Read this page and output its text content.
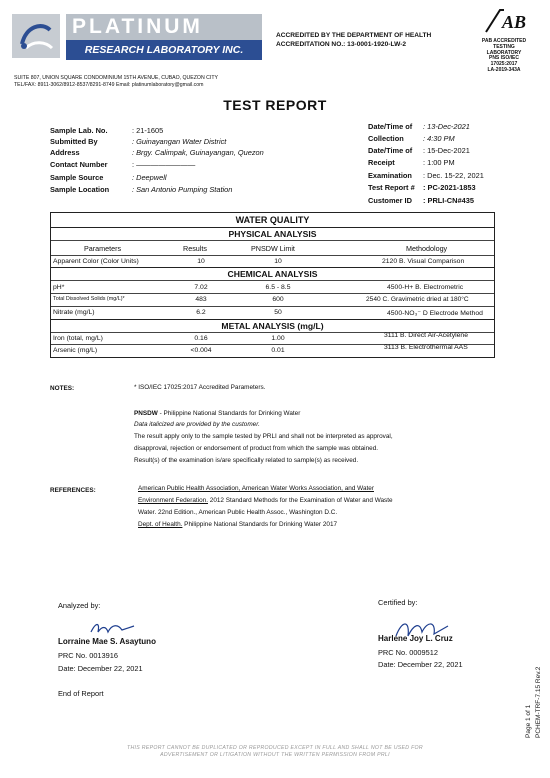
PLATINUM
RESEARCH LABORATORY INC.
ACCREDITED BY THE DEPARTMENT OF HEALTH
ACCREDITATION NO.: 13-0001-1920-LW-2
AB
PAB ACCREDITED
TESTING
LABORATORY
PNS ISO/IEC
17025:2017
LA-2019-343A
SUITE 807, UNION SQUARE CONDOMINIUM 15TH AVENUE, CUBAO, QUEZON CITY
TEL/FAX: 8911-3062/8912-8537/8291-8749 Email: platinumlaboratory@gmail.com
TEST REPORT
Sample Lab. No.	: 21-1605
Submitted By	: Guinayangan Water District
Address	: Brgy. Calimpak, Guinayangan, Quezon
Contact Number	: ————————
Sample Source	: Deepwell
Sample Location	: San Antonio Pumping Station
Date/Time of : 13-Dec-2021
Collection	: 4:30 PM
Date/Time of : 15-Dec-2021
Receipt	: 1:00 PM
Examination : Dec. 15-22, 2021
Test Report # : PC-2021-1853
Customer ID : PRLI-CN#435
WATER QUALITY
PHYSICAL ANALYSIS
Parameters	Results	PNSDW Limit	Methodology
Apparent Color (Color Units)	10	10	2120 B. Visual Comparison
CHEMICAL ANALYSIS
pH*	7.02	6.5 - 8.5	4500-H+ B. Electrometric
Total Dissolved Solids (mg/L)*	483	600	2540 C. Gravimetric dried at 180°C
Nitrate (mg/L)	6.2	50	4500-NO₃⁻ D Electrode Method
METAL ANALYSIS (mg/L)
Iron (total, mg/L)	0.16	1.00	3111 B. Direct Air-Acetylene
Arsenic (mg/L)	<0.004	0.01	3113 B. Electrothermal AAS
NOTES:	* ISO/IEC 17025:2017 Accredited Parameters.
PNSDW - Philippine National Standards for Drinking Water
Data italicized are provided by the customer.
The result apply only to the sample tested by PRLI and shall not be interpreted as approval,
disapproval, rejection or endorsement of product from which the sample was obtained.
Result(s) of the examination is/are specifically related to sample(s) as received.
REFERENCES:	American Public Health Association, American Water Works Association, and Water
Environment Federation. 2012 Standard Methods for the Examination of Water and Waste
Water. 22nd Edition., American Public Health Assoc., Washington D.C.
Dept. of Health. Philippine National Standards for Drinking Water 2017
Analyzed by:
Lorraine Mae S. Asaytuno
PRC No. 0013916
Date: December 22, 2021
End of Report
Certified by:
Harlene Joy L. Cruz
PRC No. 0009512
Date: December 22, 2021
THIS REPORT CANNOT BE DUPLICATED OR REPRODUCED EXCEPT IN FULL AND SHALL NOT BE USED FOR
ADVERTISEMENT OR LITIGATION WITHOUT THE WRITTEN PERMISSION FROM PRLI
Page 1 of 1 PCHEM-TRF-7.15 Rev.2
